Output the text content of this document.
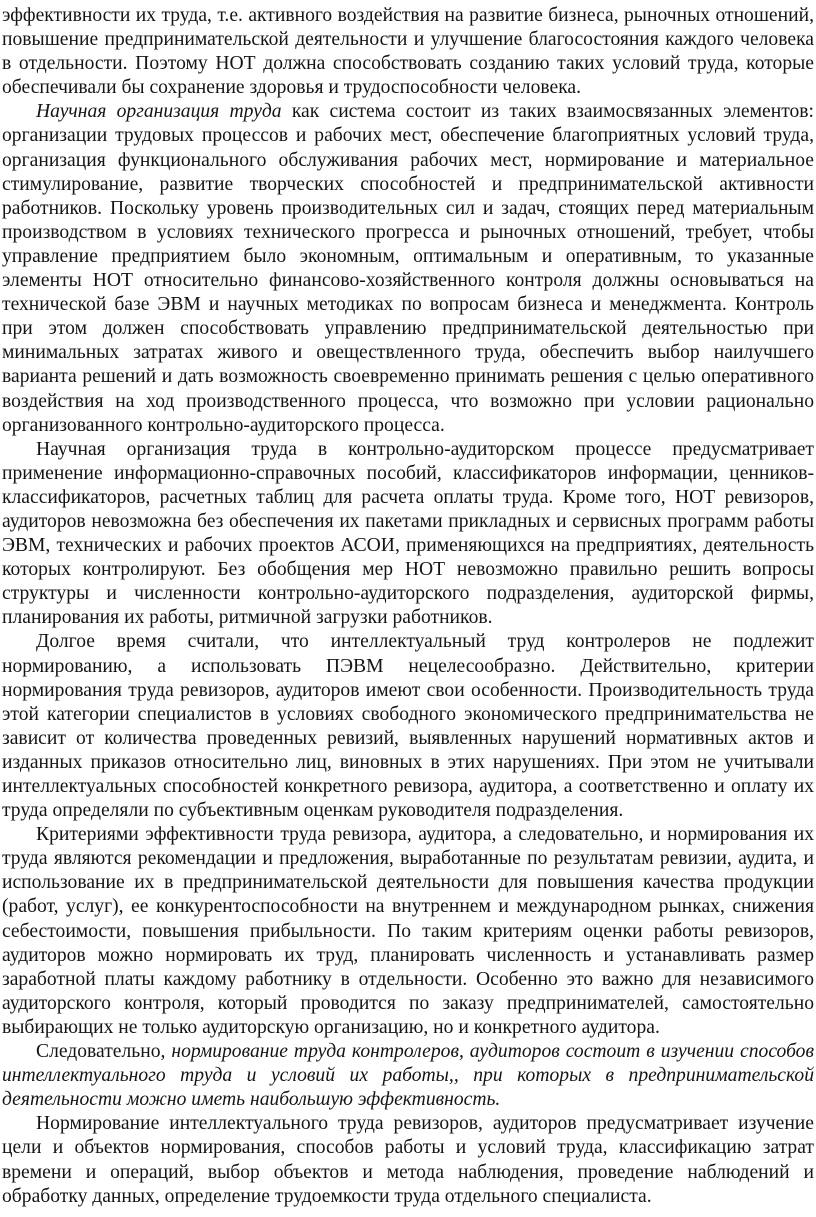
эффективности их труда, т.е. активного воздействия на развитие бизнеса, рыночных отношений, повышение предпринимательской деятельности и улучшение благосостояния каждого человека в отдельности. Поэтому НОТ должна способствовать созданию таких условий труда, которые обеспечивали бы сохранение здоровья и трудоспособности человека.

Научная организация труда как система состоит из таких взаимосвязанных элементов: организации трудовых процессов и рабочих мест, обеспечение благоприятных условий труда, организация функционального обслуживания рабочих мест, нормирование и материальное стимулирование, развитие творческих способностей и предпринимательской активности работников. Поскольку уровень производительных сил и задач, стоящих перед материальным производством в условиях технического прогресса и рыночных отношений, требует, чтобы управление предприятием было экономным, оптимальным и оперативным, то указанные элементы НОТ относительно финансово-хозяйственного контроля должны основываться на технической базе ЭВМ и научных методиках по вопросам бизнеса и менеджмента. Контроль при этом должен способствовать управлению предпринимательской деятельностью при минимальных затратах живого и овеществленного труда, обеспечить выбор наилучшего варианта решений и дать возможность своевременно принимать решения с целью оперативного воздействия на ход производственного процесса, что возможно при условии рационально организованного контрольно-аудиторского процесса.

Научная организация труда в контрольно-аудиторском процессе предусматривает применение информационно-справочных пособий, классификаторов информации, ценников-классификаторов, расчетных таблиц для расчета оплаты труда. Кроме того, НОТ ревизоров, аудиторов невозможна без обеспечения их пакетами прикладных и сервисных программ работы ЭВМ, технических и рабочих проектов АСОИ, применяющихся на предприятиях, деятельность которых контролируют. Без обобщения мер НОТ невозможно правильно решить вопросы структуры и численности контрольно-аудиторского подразделения, аудиторской фирмы, планирования их работы, ритмичной загрузки работников.

Долгое время считали, что интеллектуальный труд контролеров не подлежит нормированию, а использовать ПЭВМ нецелесообразно. Действительно, критерии нормирования труда ревизоров, аудиторов имеют свои особенности. Производительность труда этой категории специалистов в условиях свободного экономического предпринимательства не зависит от количества проведенных ревизий, выявленных нарушений нормативных актов и изданных приказов относительно лиц, виновных в этих нарушениях. При этом не учитывали интеллектуальных способностей конкретного ревизора, аудитора, а соответственно и оплату их труда определяли по субъективным оценкам руководителя подразделения.

Критериями эффективности труда ревизора, аудитора, а следовательно, и нормирования их труда являются рекомендации и предложения, выработанные по результатам ревизии, аудита, и использование их в предпринимательской деятельности для повышения качества продукции (работ, услуг), ее конкурентоспособности на внутреннем и международном рынках, снижения себестоимости, повышения прибыльности. По таким критериям оценки работы ревизоров, аудиторов можно нормировать их труд, планировать численность и устанавливать размер заработной платы каждому работнику в отдельности. Особенно это важно для независимого аудиторского контроля, который проводится по заказу предпринимателей, самостоятельно выбирающих не только аудиторскую организацию, но и конкретного аудитора.

Следовательно, нормирование труда контролеров, аудиторов состоит в изучении способов интеллектуального труда и условий их работы,, при которых в предпринимательской деятельности можно иметь наибольшую эффективность.

Нормирование интеллектуального труда ревизоров, аудиторов предусматривает изучение цели и объектов нормирования, способов работы и условий труда, классификацию затрат времени и операций, выбор объектов и метода наблюдения, проведение наблюдений и обработку данных, определение трудоемкости труда отдельного специалиста.
